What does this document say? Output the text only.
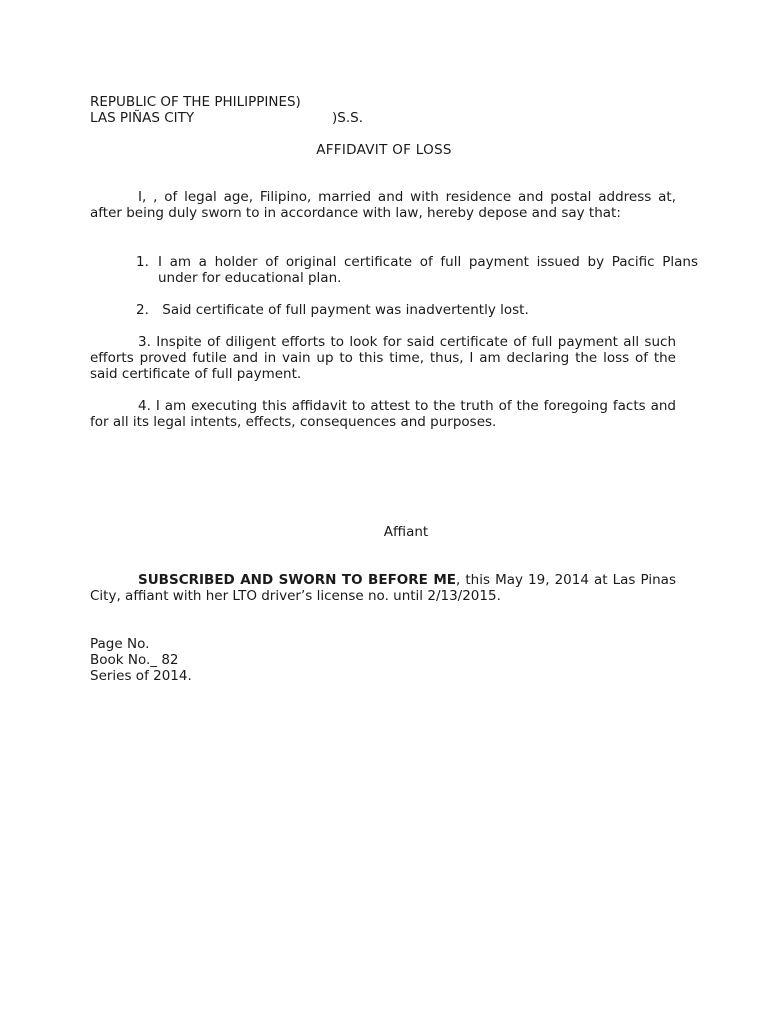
REPUBLIC OF THE PHILIPPINES)
LAS PIÑAS CITY	)S.S.
AFFIDAVIT OF LOSS

I, , of legal age, Filipino, married and with residence and postal address at, after being duly sworn to in accordance with law, hereby depose and say that:

1. I am a holder of original certificate of full payment issued by Pacific Plans under for educational plan.

2. Said certificate of full payment was inadvertently lost.

3. Inspite of diligent efforts to look for said certificate of full payment all such efforts proved futile and in vain up to this time, thus, I am declaring the loss of the said certificate of full payment.

4. I am executing this affidavit to attest to the truth of the foregoing facts and for all its legal intents, effects, consequences and purposes.

Affiant

SUBSCRIBED AND SWORN TO BEFORE ME, this May 19, 2014 at Las Pinas City, affiant with her LTO driver’s license no. until 2/13/2015.

Page No.
Book No._ 82
Series of 2014.
